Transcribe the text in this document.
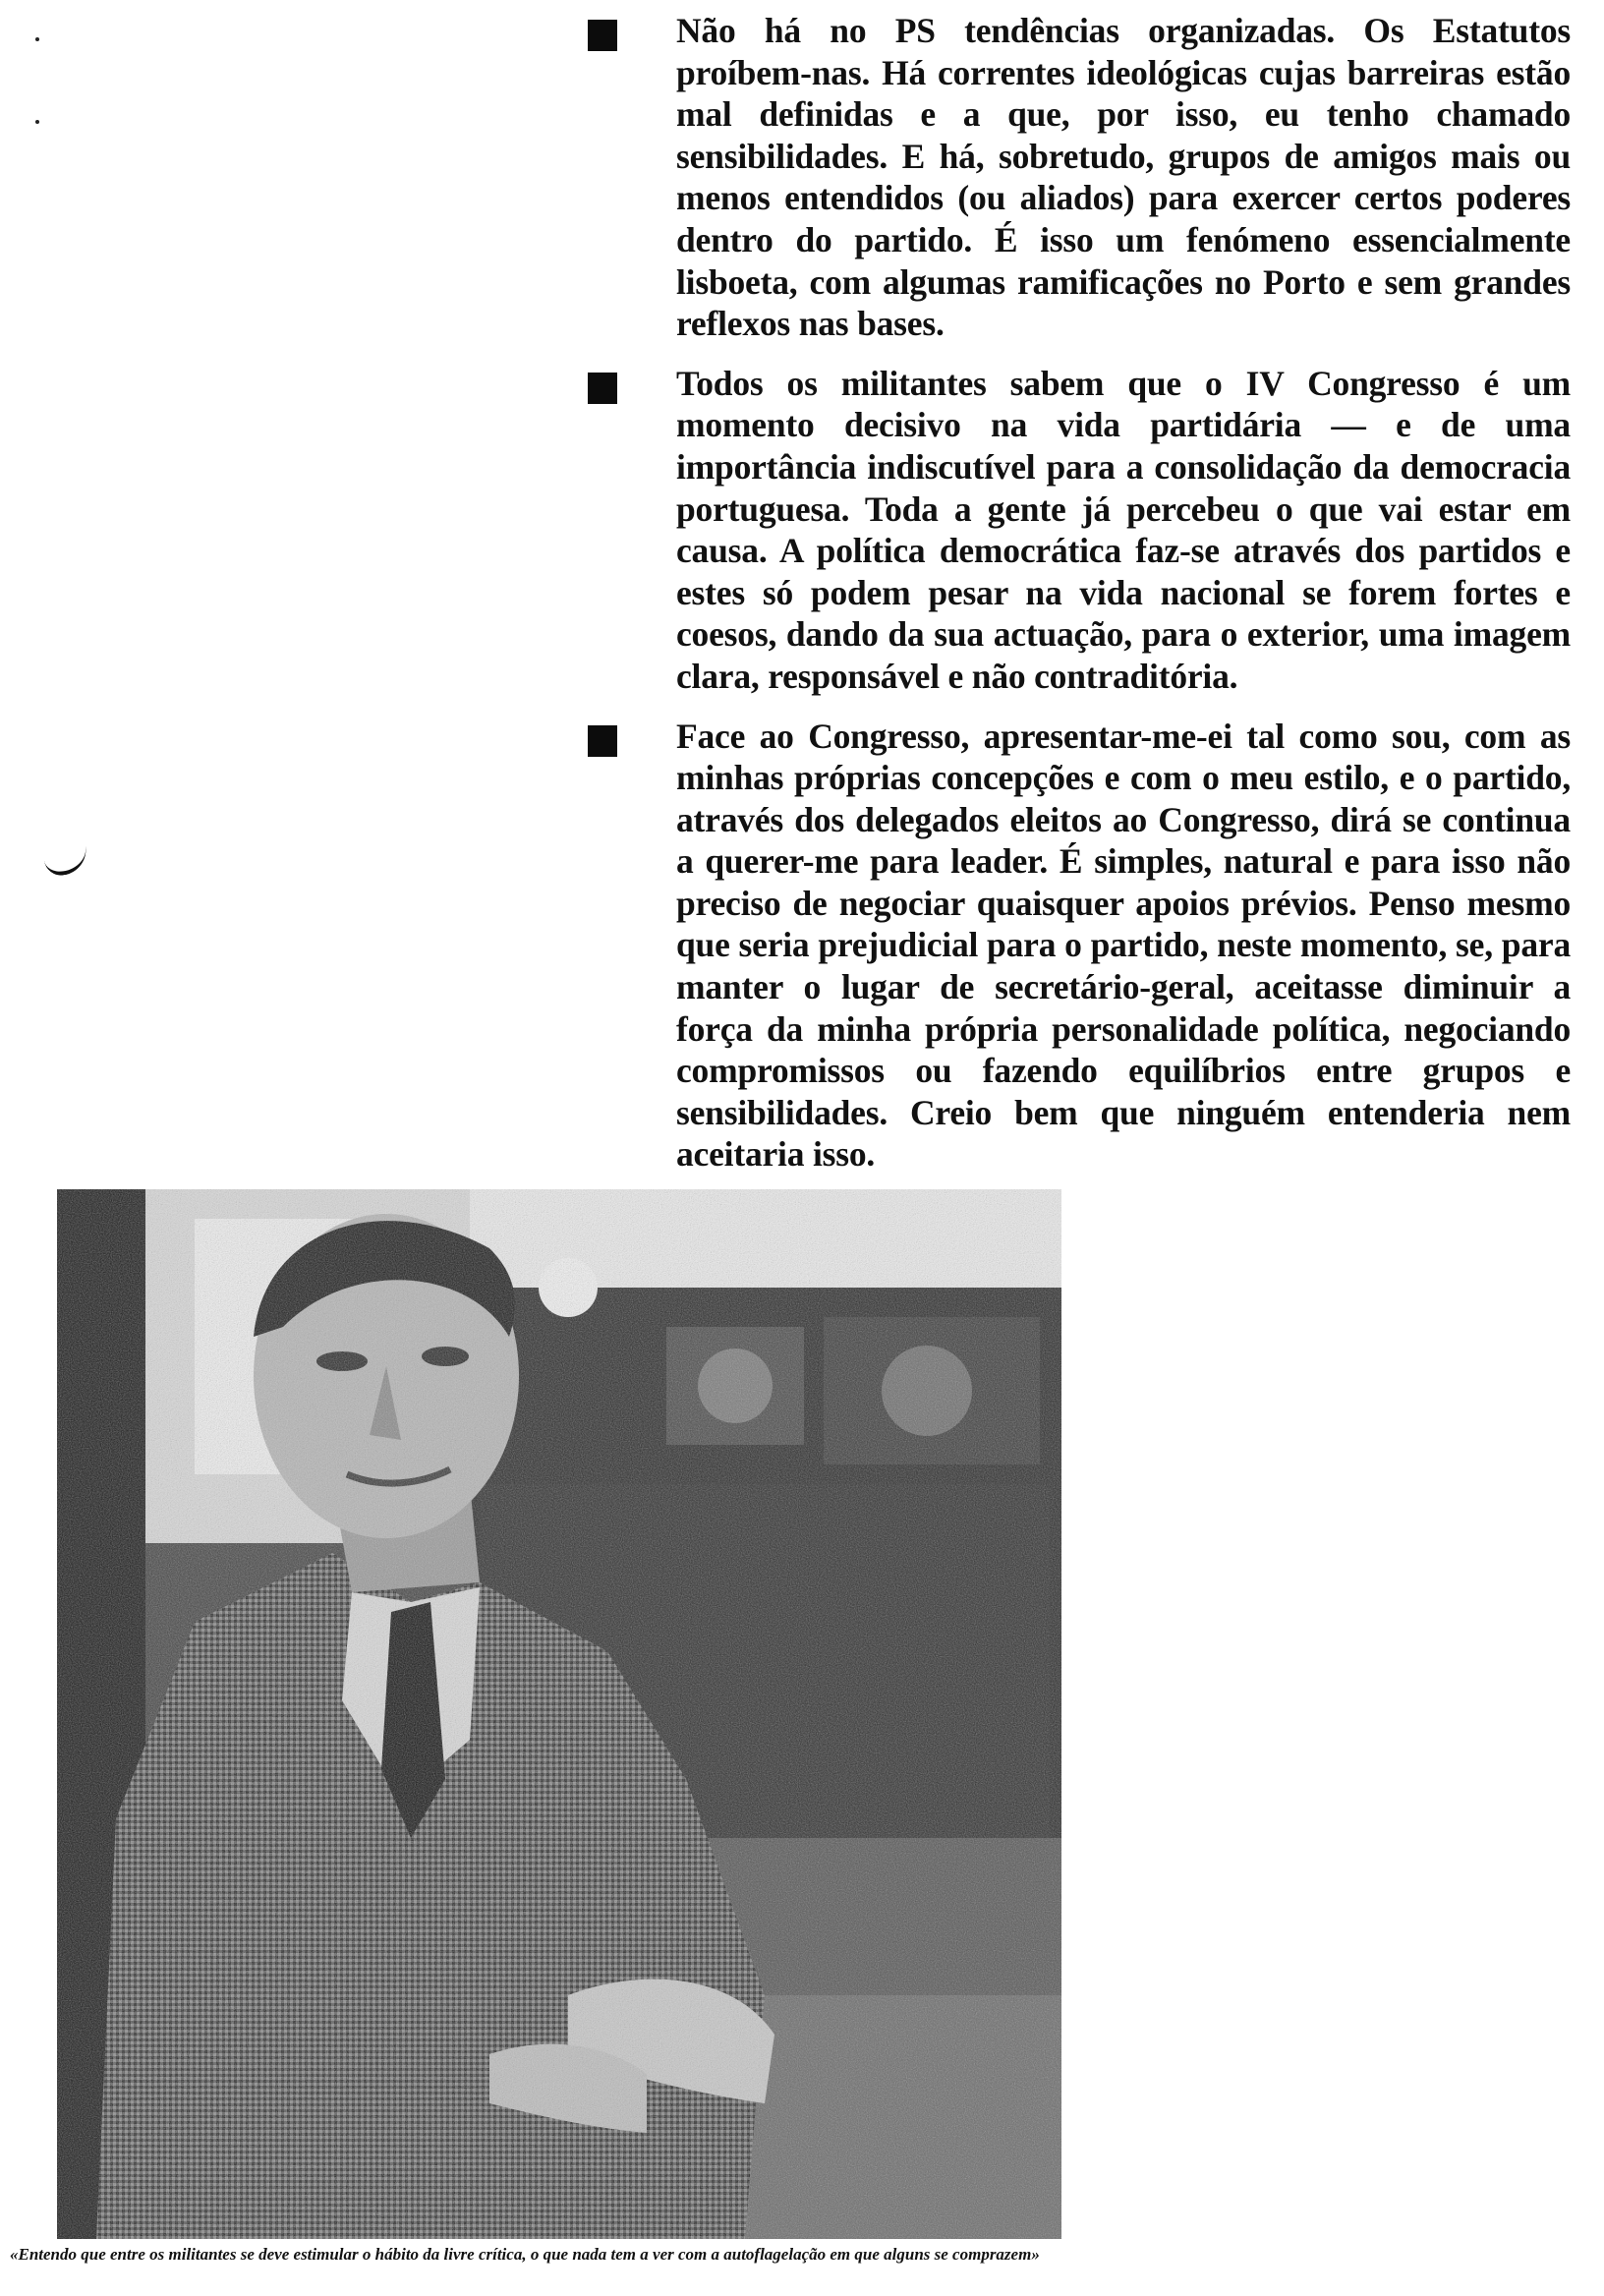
Não há no PS tendências organizadas. Os Estatutos proíbem-nas. Há correntes ideológicas cujas barreiras estão mal definidas e a que, por isso, eu tenho chamado sensibilidades. E há, sobretudo, grupos de amigos mais ou menos entendidos (ou aliados) para exercer certos poderes dentro do partido. É isso um fenómeno essencialmente lisboeta, com algumas ramificações no Porto e sem grandes reflexos nas bases.

Todos os militantes sabem que o IV Congresso é um momento decisivo na vida partidária — e de uma importância indiscutível para a consolidação da democracia portuguesa. Toda a gente já percebeu o que vai estar em causa. A política democrática faz-se através dos partidos e estes só podem pesar na vida nacional se forem fortes e coesos, dando da sua actuação, para o exterior, uma imagem clara, responsável e não contraditória.

Face ao Congresso, apresentar-me-ei tal como sou, com as minhas próprias concepções e com o meu estilo, e o partido, através dos delegados eleitos ao Congresso, dirá se continua a querer-me para leader. É simples, natural e para isso não preciso de negociar quaisquer apoios prévios. Penso mesmo que seria prejudicial para o partido, neste momento, se, para manter o lugar de secretário-geral, aceitasse diminuir a força da minha própria personalidade política, negociando compromissos ou fazendo equilíbrios entre grupos e sensibilidades. Creio bem que ninguém entenderia nem aceitaria isso.

«Entendo que entre os militantes se deve estimular o hábito da livre crítica, o que nada tem a ver com a autoflagelação em que alguns se comprazem»
